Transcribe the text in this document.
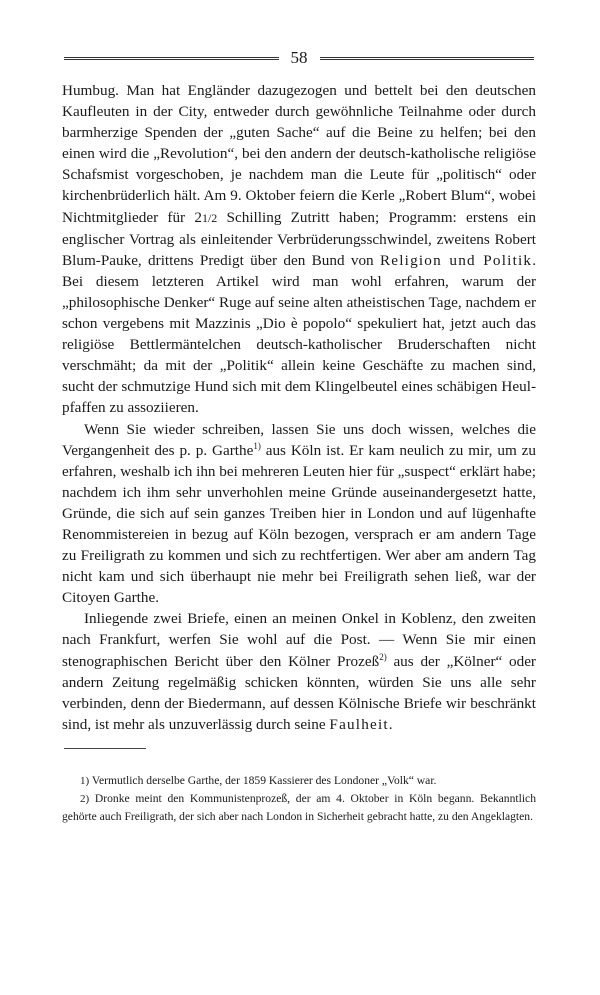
58

Humbug. Man hat Engländer dazugezogen und bettelt bei den deutschen Kaufleuten in der City, entweder durch gewöhnliche Teilnahme oder durch barmherzige Spenden der „guten Sache“ auf die Beine zu helfen; bei den einen wird die „Revolution“, bei den andern der deutsch-katholische religiöse Schafsmist vorgeschoben, je nachdem man die Leute für „politisch“ oder kirchenbrüderlich hält. Am 9. Oktober feiern die Kerle „Robert Blum“, wobei Nichtmitglieder für 21/2 Schilling Zutritt haben; Programm: erstens ein englischer Vortrag als einleitender Verbrüderungsschwindel, zweitens Robert Blum-Pauke, drittens Predigt über den Bund von Religion und Politik. Bei diesem letzteren Artikel wird man wohl erfahren, warum der „philosophische Denker“ Ruge auf seine alten atheistischen Tage, nachdem er schon vergebens mit Mazzinis „Dio è popolo“ spekuliert hat, jetzt auch das religiöse Bettlermäntelchen deutsch-katholischer Bruderschaften nicht verschmäht; da mit der „Politik“ allein keine Geschäfte zu machen sind, sucht der schmutzige Hund sich mit dem Klingelbeutel eines schäbigen Heulpfaffen zu assoziieren.

Wenn Sie wieder schreiben, lassen Sie uns doch wissen, welches die Vergangenheit des p. p. Garthe$^{1)}$ aus Köln ist. Er kam neulich zu mir, um zu erfahren, weshalb ich ihn bei mehreren Leuten hier für „suspect“ erklärt habe; nachdem ich ihm sehr unverhohlen meine Gründe auseinandergesetzt hatte, Gründe, die sich auf sein ganzes Treiben hier in London und auf lügenhafte Renommistereien in bezug auf Köln bezogen, versprach er am andern Tage zu Freiligrath zu kommen und sich zu rechtfertigen. Wer aber am andern Tag nicht kam und sich überhaupt nie mehr bei Freiligrath sehen ließ, war der Citoyen Garthe.

Inliegende zwei Briefe, einen an meinen Onkel in Koblenz, den zweiten nach Frankfurt, werfen Sie wohl auf die Post. — Wenn Sie mir einen stenographischen Bericht über den Kölner Prozeß$^{2)}$ aus der „Kölner“ oder andern Zeitung regelmäßig schicken könnten, würden Sie uns alle sehr verbinden, denn der Biedermann, auf dessen Kölnische Briefe wir beschränkt sind, ist mehr als unzuverlässig durch seine Faulheit.

1) Vermutlich derselbe Garthe, der 1859 Kassierer des Londoner „Volk“ war.

2) Dronke meint den Kommunistenprozeß, der am 4. Oktober in Köln begann. Bekanntlich gehörte auch Freiligrath, der sich aber nach London in Sicherheit gebracht hatte, zu den Angeklagten.
